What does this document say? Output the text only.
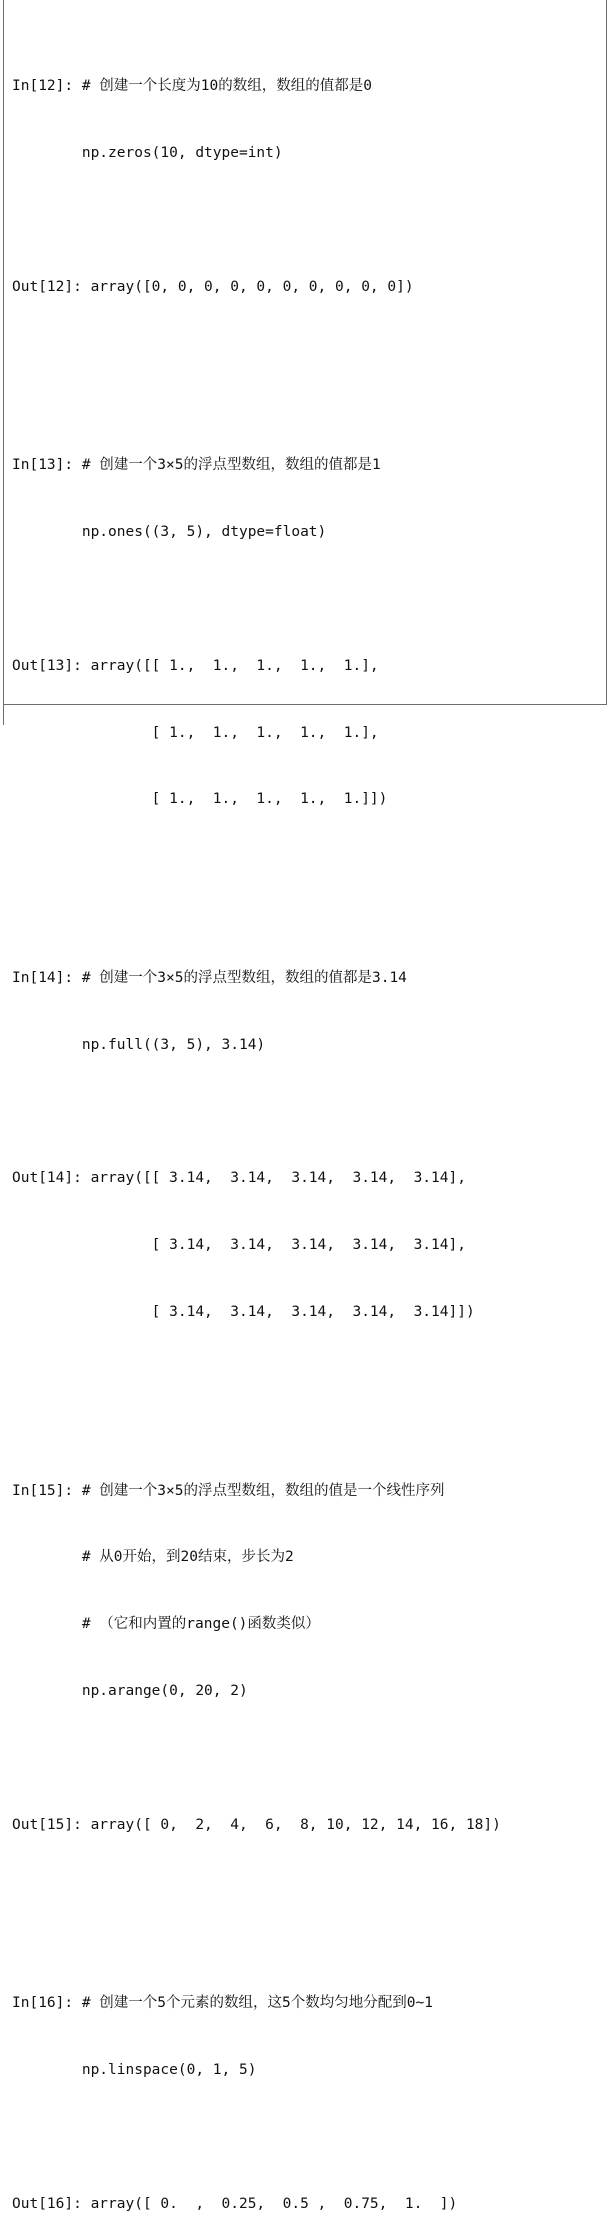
In[12]: # 创建一个长度为10的数组，数组的值都是0

np.zeros(10, dtype=int)

Out[12]: array([0, 0, 0, 0, 0, 0, 0, 0, 0, 0])

In[13]: # 创建一个3×5的浮点型数组，数组的值都是1

np.ones((3, 5), dtype=float)

Out[13]: array([[ 1.,  1.,  1.,  1.,  1.],

[ 1.,  1.,  1.,  1.,  1.],

[ 1.,  1.,  1.,  1.,  1.]])

In[14]: # 创建一个3×5的浮点型数组，数组的值都是3.14

np.full((3, 5), 3.14)

Out[14]: array([[ 3.14,  3.14,  3.14,  3.14,  3.14],

[ 3.14,  3.14,  3.14,  3.14,  3.14],

[ 3.14,  3.14,  3.14,  3.14,  3.14]])

In[15]: # 创建一个3×5的浮点型数组，数组的值是一个线性序列

# 从0开始，到20结束，步长为2

# （它和内置的range()函数类似）

np.arange(0, 20, 2)

Out[15]: array([ 0,  2,  4,  6,  8, 10, 12, 14, 16, 18])

In[16]: # 创建一个5个元素的数组，这5个数均匀地分配到0~1

np.linspace(0, 1, 5)

Out[16]: array([ 0.  ,  0.25,  0.5 ,  0.75,  1.  ])
